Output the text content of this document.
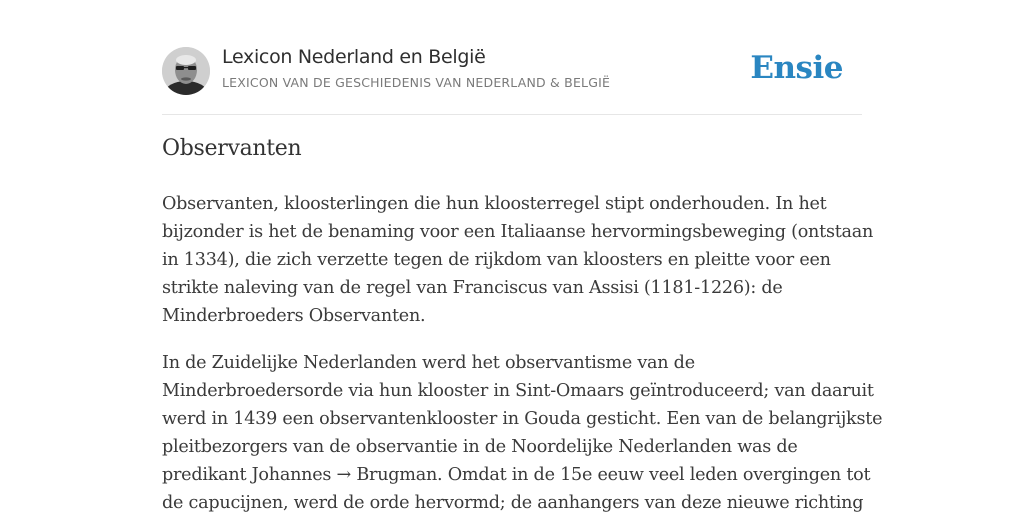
Lexicon Nederland en België
LEXICON VAN DE GESCHIEDENIS VAN NEDERLAND & BELGIË	Ensie
Observanten

Observanten, kloosterlingen die hun kloosterregel stipt onderhouden. In het
bijzonder is het de benaming voor een Italiaanse hervormingsbeweging (ontstaan
in 1334), die zich verzette tegen de rijkdom van kloosters en pleitte voor een
strikte naleving van de regel van Franciscus van Assisi (1181-1226): de
Minderbroeders Observanten.

In de Zuidelijke Nederlanden werd het observantisme van de
Minderbroedersorde via hun klooster in Sint-Omaars geïntroduceerd; van daaruit
werd in 1439 een observantenklooster in Gouda gesticht. Een van de belangrijkste
pleitbezorgers van de observantie in de Noordelijke Nederlanden was de
predikant Johannes → Brugman. Omdat in de 15e eeuw veel leden overgingen tot
de capucijnen, werd de orde hervormd; de aanhangers van deze nieuwe richting
